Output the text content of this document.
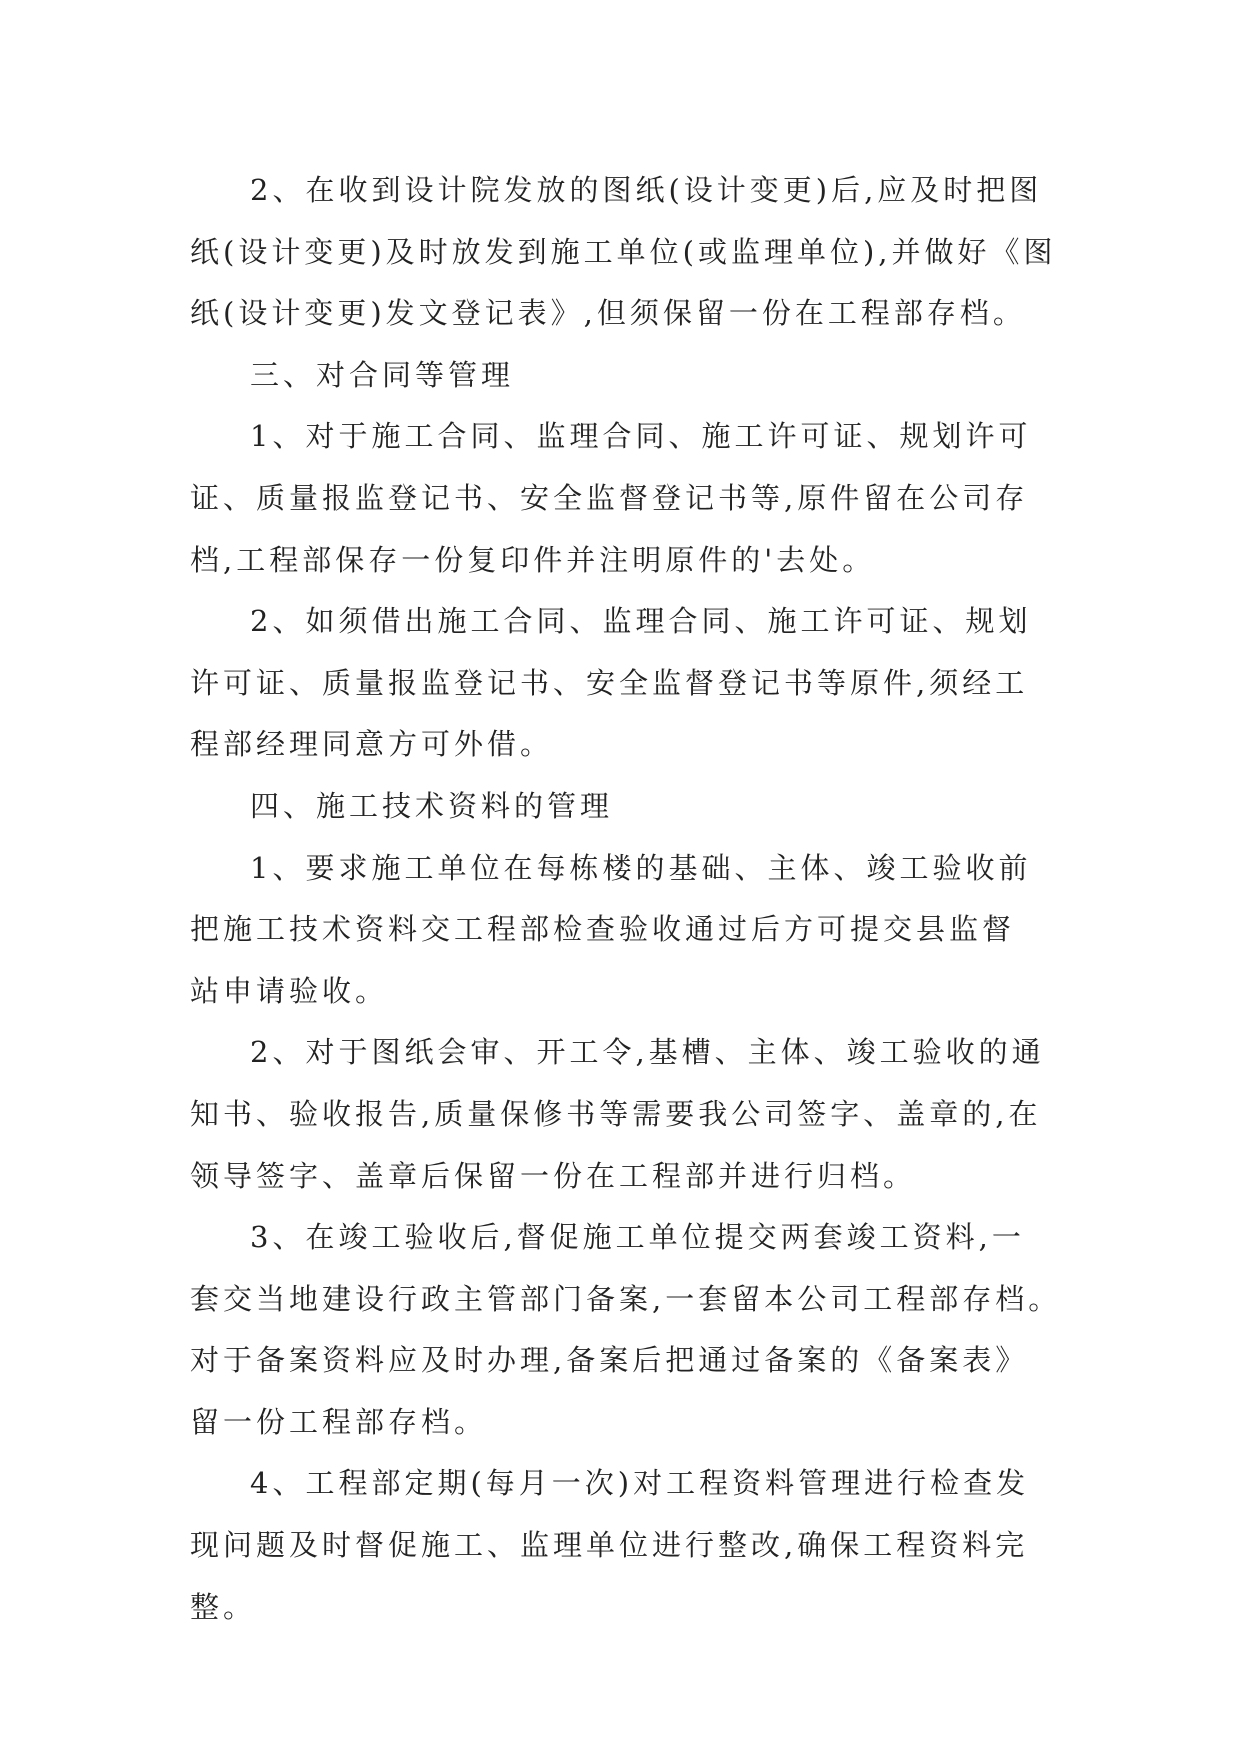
2、在收到设计院发放的图纸(设计变更)后,应及时把图
纸(设计变更)及时放发到施工单位(或监理单位),并做好《图
纸(设计变更)发文登记表》,但须保留一份在工程部存档。
三、对合同等管理
1、对于施工合同、监理合同、施工许可证、规划许可
证、质量报监登记书、安全监督登记书等,原件留在公司存
档,工程部保存一份复印件并注明原件的'去处。
2、如须借出施工合同、监理合同、施工许可证、规划
许可证、质量报监登记书、安全监督登记书等原件,须经工
程部经理同意方可外借。
四、施工技术资料的管理
1、要求施工单位在每栋楼的基础、主体、竣工验收前
把施工技术资料交工程部检查验收通过后方可提交县监督
站申请验收。
2、对于图纸会审、开工令,基槽、主体、竣工验收的通
知书、验收报告,质量保修书等需要我公司签字、盖章的,在
领导签字、盖章后保留一份在工程部并进行归档。
3、在竣工验收后,督促施工单位提交两套竣工资料,一
套交当地建设行政主管部门备案,一套留本公司工程部存档。
对于备案资料应及时办理,备案后把通过备案的《备案表》
留一份工程部存档。
4、工程部定期(每月一次)对工程资料管理进行检查发
现问题及时督促施工、监理单位进行整改,确保工程资料完
整。
